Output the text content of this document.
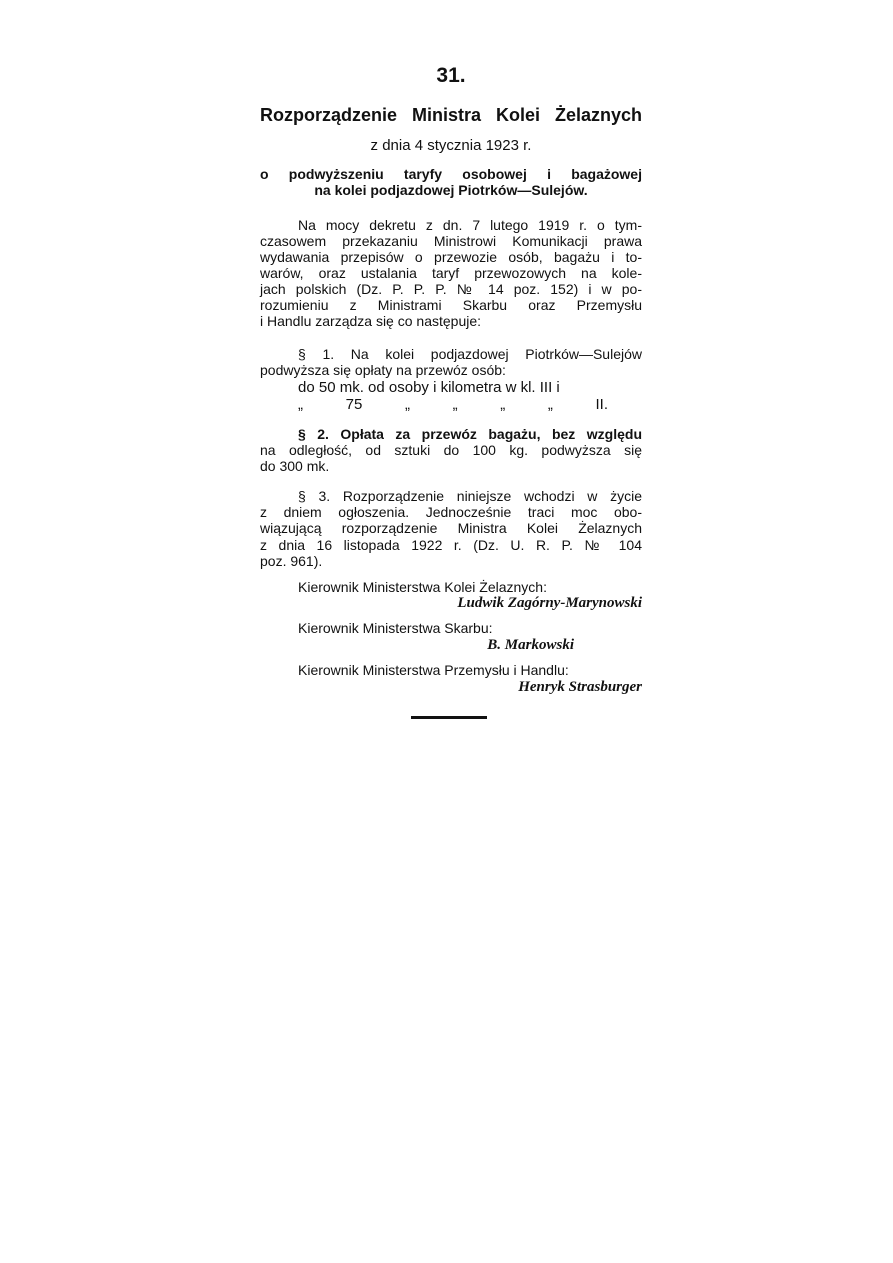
31.
Rozporządzenie Ministra Kolei Żelaznych
z dnia 4 stycznia 1923 r.
o podwyższeniu taryfy osobowej i bagażowej
na kolei podjazdowej Piotrków—Sulejów.
Na mocy dekretu z dn. 7 lutego 1919 r. o tym-
czasowem przekazaniu Ministrowi Komunikacji prawa
wydawania przepisów o przewozie osób, bagażu i to-
warów, oraz ustalania taryf przewozowych na kole-
jach polskich (Dz. P. P. P. № 14 poz. 152) i w po-
rozumieniu z Ministrami Skarbu oraz Przemysłu
i Handlu zarządza się co następuje:
§ 1. Na kolei podjazdowej Piotrków—Sulejów
podwyższa się opłaty na przewóz osób:
do 50 mk. od osoby i kilometra w kl. III i
„ 75 „ „ „ „ II.
§ 2. Opłata za przewóz bagażu, bez względu
na odległość, od sztuki do 100 kg. podwyższa się
do 300 mk.
§ 3. Rozporządzenie niniejsze wchodzi w życie
z dniem ogłoszenia. Jednocześnie traci moc obo-
wiązującą rozporządzenie Ministra Kolei Żelaznych
z dnia 16 listopada 1922 r. (Dz. U. R. P. № 104
poz. 961).
Kierownik Ministerstwa Kolei Żelaznych:
Ludwik Zagórny-Marynowski
Kierownik Ministerstwa Skarbu:
B. Markowski
Kierownik Ministerstwa Przemysłu i Handlu:
Henryk Strasburger
